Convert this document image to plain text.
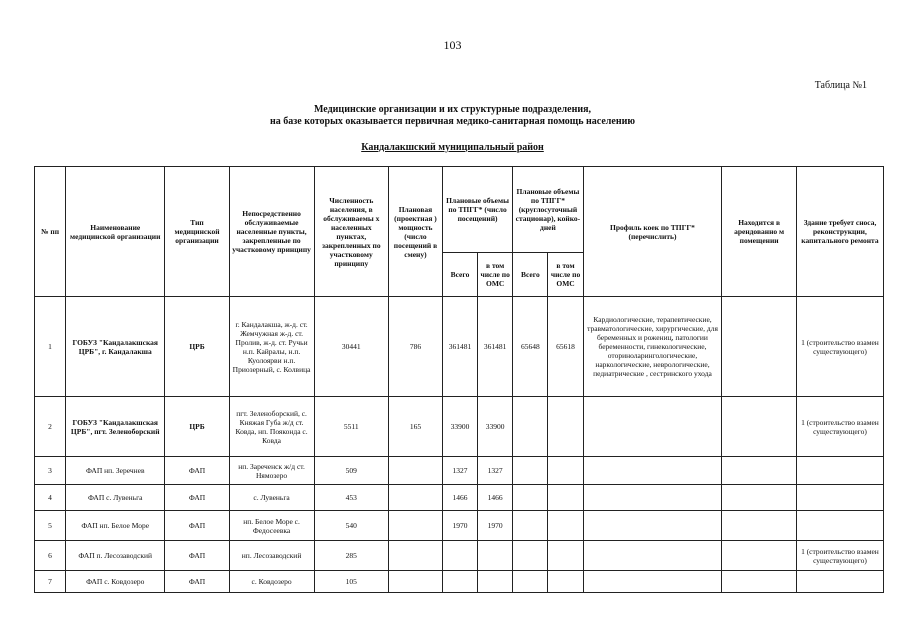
103
Таблица №1
Медицинские организации и их структурные подразделения,
на базе которых оказывается первичная медико-санитарная помощь населению
Кандалакшский муниципальный район
№ пп	Наименование медицинской организации	Тип медицинской организации	Непосредственно обслуживаемые населенные пункты, закрепленные по участковому принципу	Численность населения, в обслуживаемы х населенных пунктах, закрепленных по участковому принципу	Плановая (проектная ) мощность (число посещений в смену)	Плановые объемы по ТПГГ* (число посещений)		Плановые объемы по ТПГГ* (круглосуточный стационар), койко-дней		Профиль коек по ТПГГ* (перечислить)	Находится в арендованно м помещении	Здание требует сноса, реконструкции, капитального ремонта
						Всего	в том числе по ОМС	Всего	в том числе по ОМС			
1	ГОБУЗ "Кандалакшская ЦРБ", г. Кандалакша	ЦРБ	г. Кандалакша, ж-д. ст. Жемчужная ж-д. ст. Пролив, ж-д. ст. Ручьи н.п. Кайралы, н.п. Куолоярви н.п. Приозерный, с. Колвица	30441	786	361481	361481	65648	65618	Кардиологические, терапевтические, травматологические, хирургические, для беременных и рожениц, патологии беременности, гинекологические, оториноларингологические, наркологические, неврологические, педиатрические , сестринского ухода		1 (строительство взамен существующего)
2	ГОБУЗ "Кандалакшская ЦРБ", пгт. Зеленоборский	ЦРБ	пгт. Зеленоборский, с. Княжая Губа ж/д ст. Ковда, нп. Пояконда с. Ковда	5511	165	33900	33900					1 (строительство взамен существующего)
3	ФАП нп. Зеречнев	ФАП	нп. Зареченск ж/д ст. Нямозеро	509		1327	1327					
4	ФАП с. Лувеньга	ФАП	с. Лувеньга	453		1466	1466					
5	ФАП нп. Белое Море	ФАП	нп. Белое Море с. Федосеевка	540		1970	1970					
6	ФАП п. Лесозаводский	ФАП	нп. Лесозаводский	285								1 (строительство взамен существующего)
7	ФАП с. Ковдозеро	ФАП	с. Ковдозеро	105								
